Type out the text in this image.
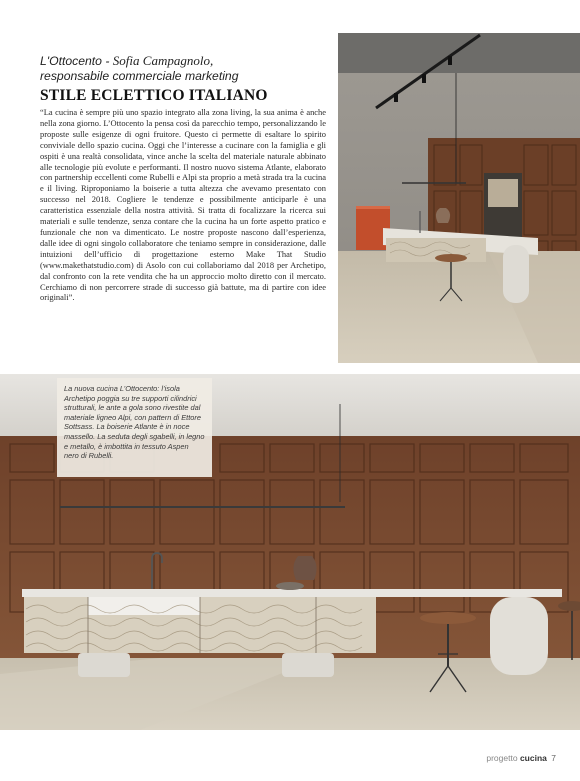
L'Ottocento - Sofia Campagnolo,
responsabile commerciale marketing
STILE ECLETTICO ITALIANO

“La cucina è sempre più uno spazio integrato alla zona living, la sua anima è anche nella zona giorno. L’Ottocento la pensa così da parecchio tempo, personalizzando le proposte sulle esigenze di ogni fruitore. Questo ci permette di esaltare lo spirito conviviale dello spazio cucina. Oggi che l’interesse a cucinare con la famiglia e gli ospiti è una realtà consolidata, vince anche la scelta del materiale naturale abbinato alle tecnologie più evolute e performanti. Il nostro nuovo sistema Atlante, elaborato con partnership eccellenti come Rubelli e Alpi sta proprio a metà strada tra la cucina e il living. Riproponiamo la boiserie a tutta altezza che avevamo presentato con successo nel 2018. Cogliere le tendenze e possibilmente anticiparle è una caratteristica essenziale della nostra attività. Si tratta di focalizzare la ricerca sui materiali e sulle tendenze, senza contare che la cucina ha un forte aspetto pratico e funzionale che non va dimenticato. Le nostre proposte nascono dall’esperienza, dalle idee di ogni singolo collaboratore che teniamo sempre in considerazione, dalle intuizioni dell’ufficio di progettazione esterno Make That Studio (www.makethatstudio.com) di Asolo con cui collaboriamo dal 2018 per Archetipo, dal confronto con la rete vendita che ha un approccio molto diretto con il mercato. Cerchiamo di non percorrere strade di successo già battute, ma di partire con idee originali”.

La nuova cucina L’Ottocento: l’isola Archetipo poggia su tre supporti cilindrici strutturali, le ante a gola sono rivestite dal materiale ligneo Alpi, con pattern di Ettore Sottsass. La boiserie Atlante è in noce massello. La seduta degli sgabelli, in legno e metallo, è imbottita in tessuto Aspen nero di Rubelli.

progetto cucina 7
